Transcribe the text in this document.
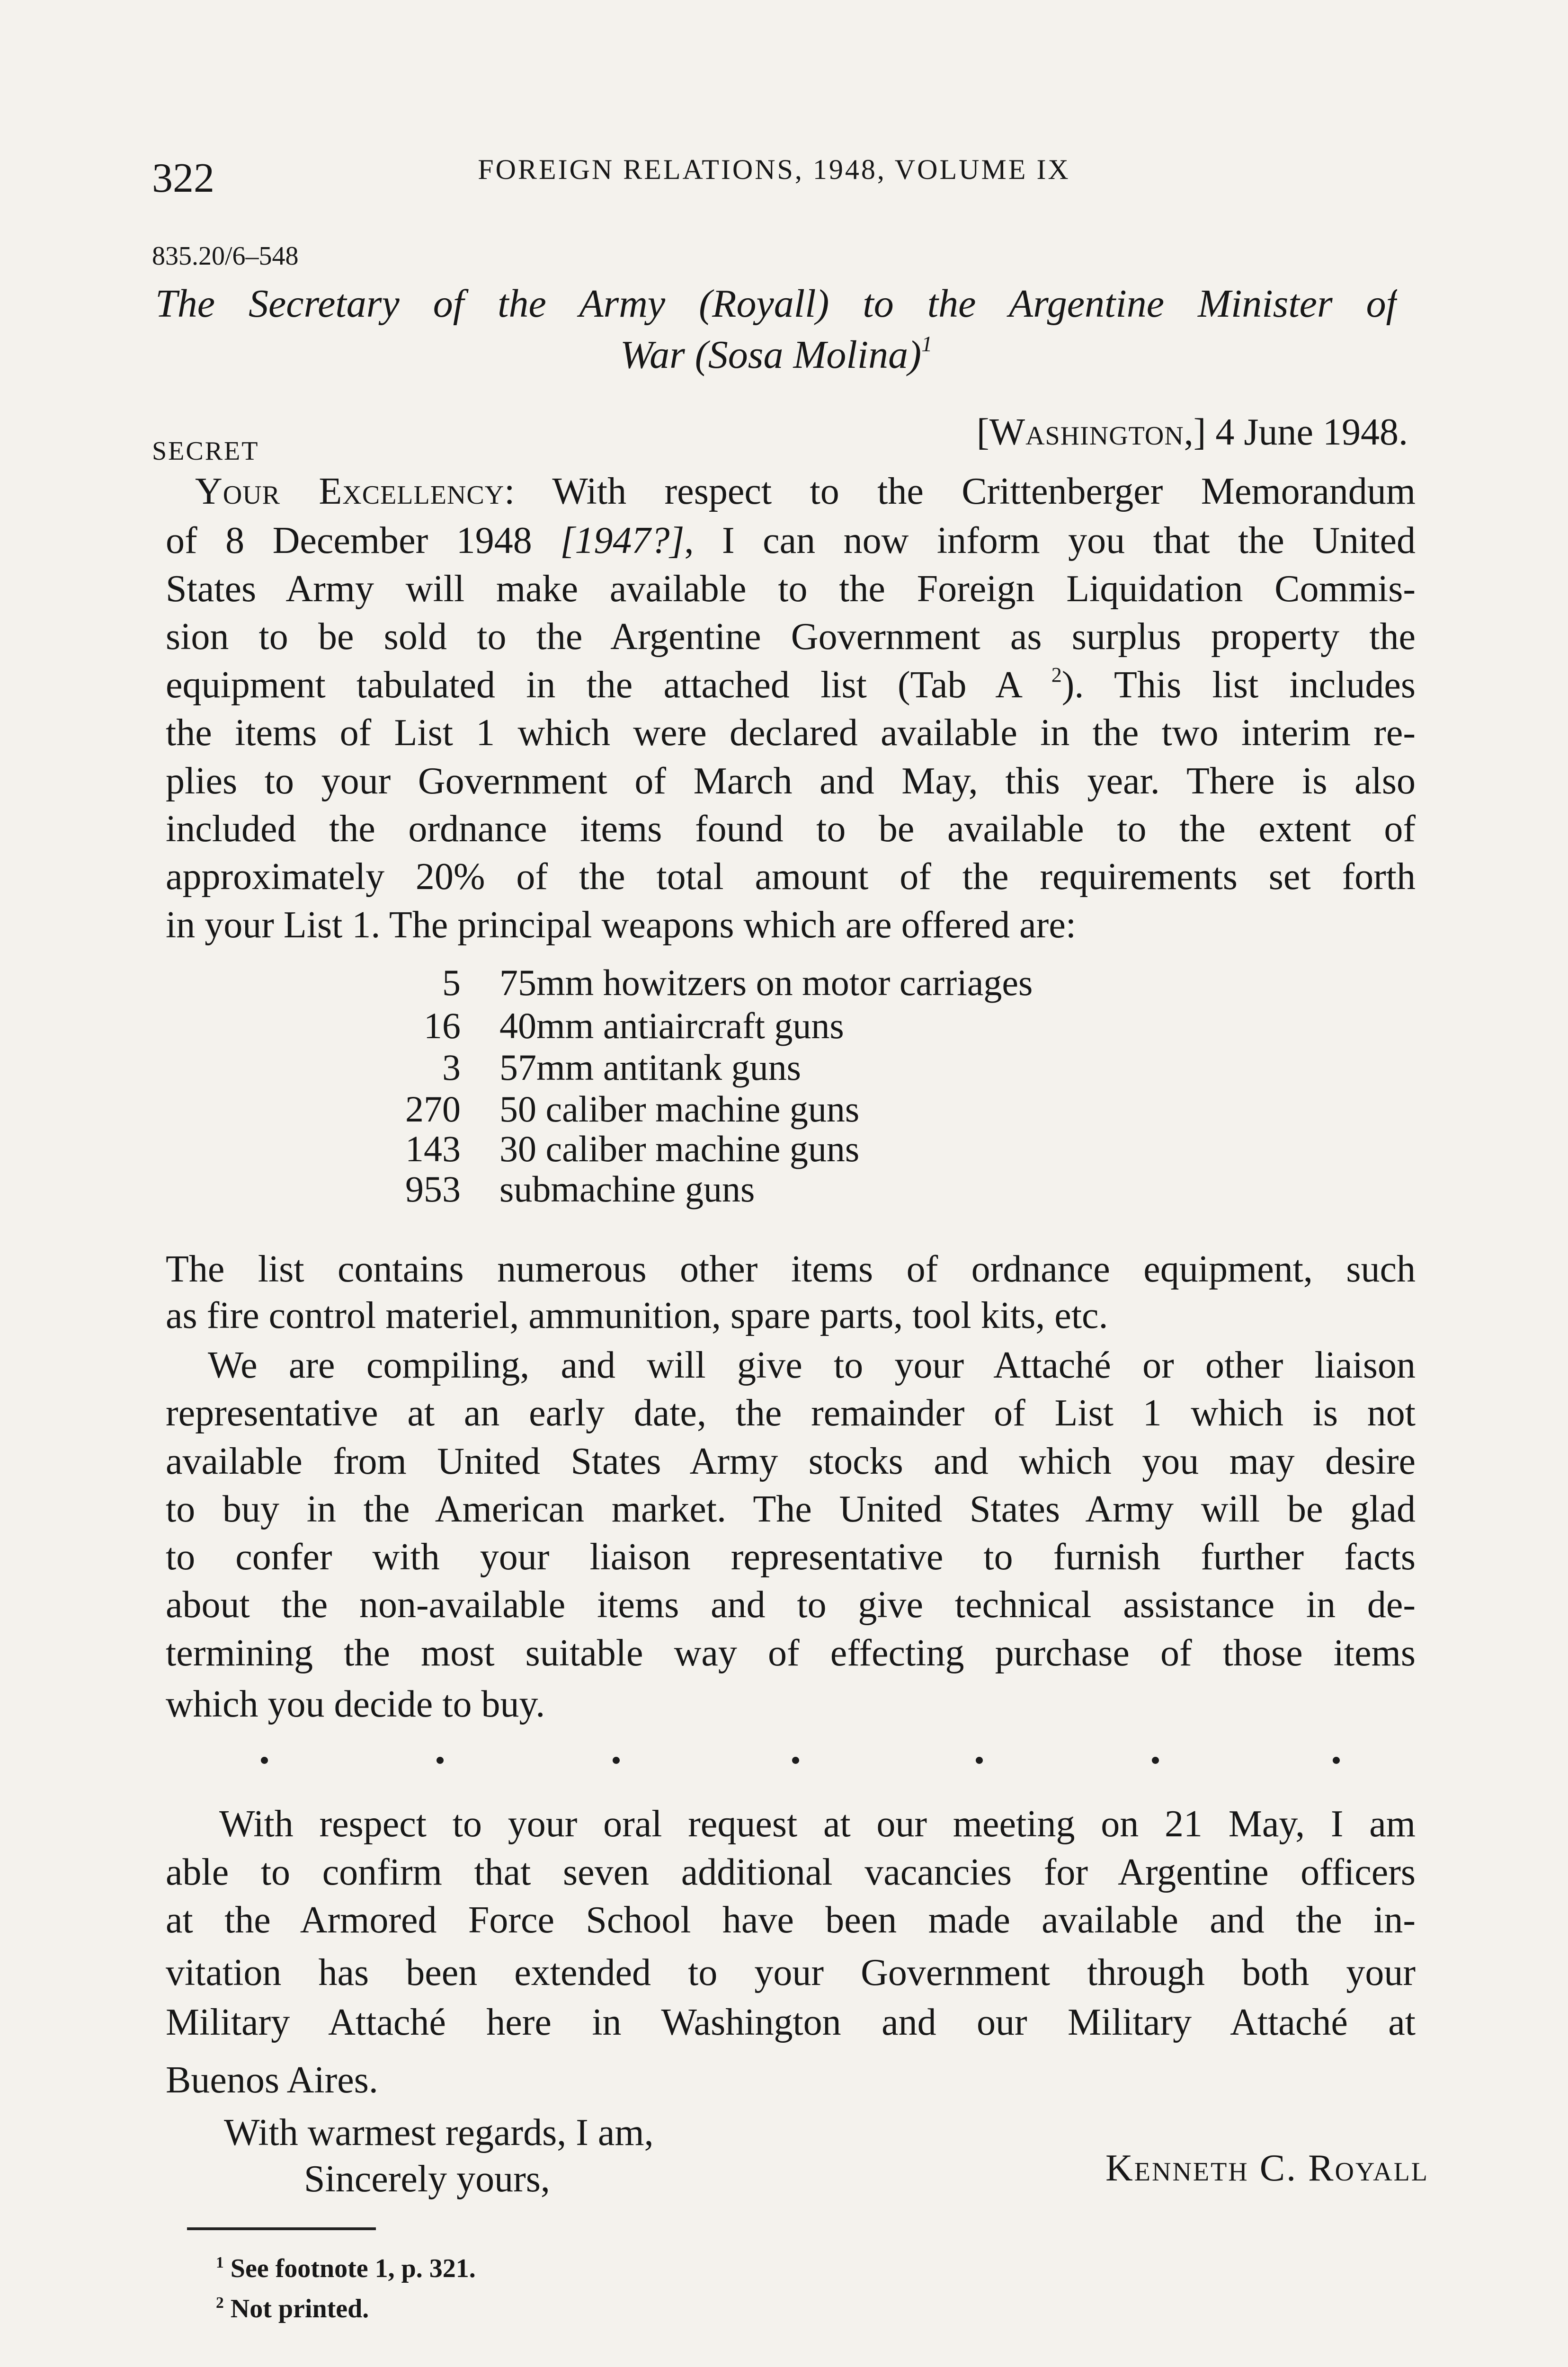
322	FOREIGN RELATIONS, 1948, VOLUME IX
835.20/6–548
The Secretary of the Army (Royall) to the Argentine Minister of
War (Sosa Molina)$^1$
SECRET	[Washington,] 4 June 1948.
Your Excellency: With respect to the Crittenberger Memorandum
of 8 December 1948 [1947?], I can now inform you that the United
States Army will make available to the Foreign Liquidation Commis-
sion to be sold to the Argentine Government as surplus property the
equipment tabulated in the attached list (Tab A $^2$). This list includes
the items of List 1 which were declared available in the two interim re-
plies to your Government of March and May, this year. There is also
included the ordnance items found to be available to the extent of
approximately 20% of the total amount of the requirements set forth
in your List 1. The principal weapons which are offered are:
5 75mm howitzers on motor carriages
16 40mm antiaircraft guns
3 57mm antitank guns
270 50 caliber machine guns
143 30 caliber machine guns
953 submachine guns
The list contains numerous other items of ordnance equipment, such
as fire control materiel, ammunition, spare parts, tool kits, etc.
We are compiling, and will give to your Attaché or other liaison
representative at an early date, the remainder of List 1 which is not
available from United States Army stocks and which you may desire
to buy in the American market. The United States Army will be glad
to confer with your liaison representative to furnish further facts
about the non-available items and to give technical assistance in de-
termining the most suitable way of effecting purchase of those items
which you decide to buy.
With respect to your oral request at our meeting on 21 May, I am
able to confirm that seven additional vacancies for Argentine officers
at the Armored Force School have been made available and the in-
vitation has been extended to your Government through both your
Military Attaché here in Washington and our Military Attaché at
Buenos Aires.
With warmest regards, I am,
Sincerely yours,	Kenneth C. Royall
$^1$ See footnote 1, p. 321.
$^2$ Not printed.
